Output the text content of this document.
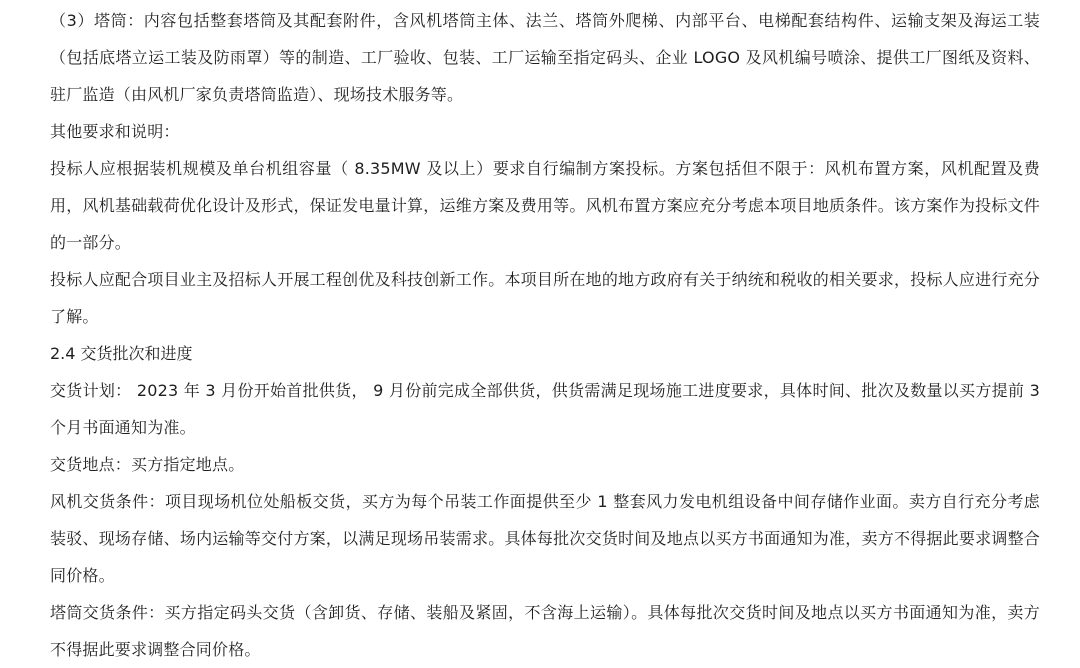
（3）塔筒：内容包括整套塔筒及其配套附件，含风机塔筒主体、法兰、塔筒外爬梯、内部平台、电梯配套结构件、运输支架及海运工装（包括底塔立运工装及防雨罩）等的制造、工厂验收、包装、工厂运输至指定码头、企业 LOGO 及风机编号喷涂、提供工厂图纸及资料、驻厂监造（由风机厂家负责塔筒监造）、现场技术服务等。

其他要求和说明：

投标人应根据装机规模及单台机组容量（ 8.35MW 及以上）要求自行编制方案投标。方案包括但不限于：风机布置方案，风机配置及费用，风机基础载荷优化设计及形式，保证发电量计算，运维方案及费用等。风机布置方案应充分考虑本项目地质条件。该方案作为投标文件的一部分。

投标人应配合项目业主及招标人开展工程创优及科技创新工作。本项目所在地的地方政府有关于纳统和税收的相关要求，投标人应进行充分了解。

2.4 交货批次和进度

交货计划： 2023 年 3 月份开始首批供货， 9 月份前完成全部供货，供货需满足现场施工进度要求，具体时间、批次及数量以买方提前 3 个月书面通知为准。

交货地点：买方指定地点。

风机交货条件：项目现场机位处船板交货，买方为每个吊装工作面提供至少 1 整套风力发电机组设备中间存储作业面。卖方自行充分考虑装驳、现场存储、场内运输等交付方案，以满足现场吊装需求。具体每批次交货时间及地点以买方书面通知为准，卖方不得据此要求调整合同价格。

塔筒交货条件：买方指定码头交货（含卸货、存储、装船及紧固，不含海上运输）。具体每批次交货时间及地点以买方书面通知为准，卖方不得据此要求调整合同价格。
